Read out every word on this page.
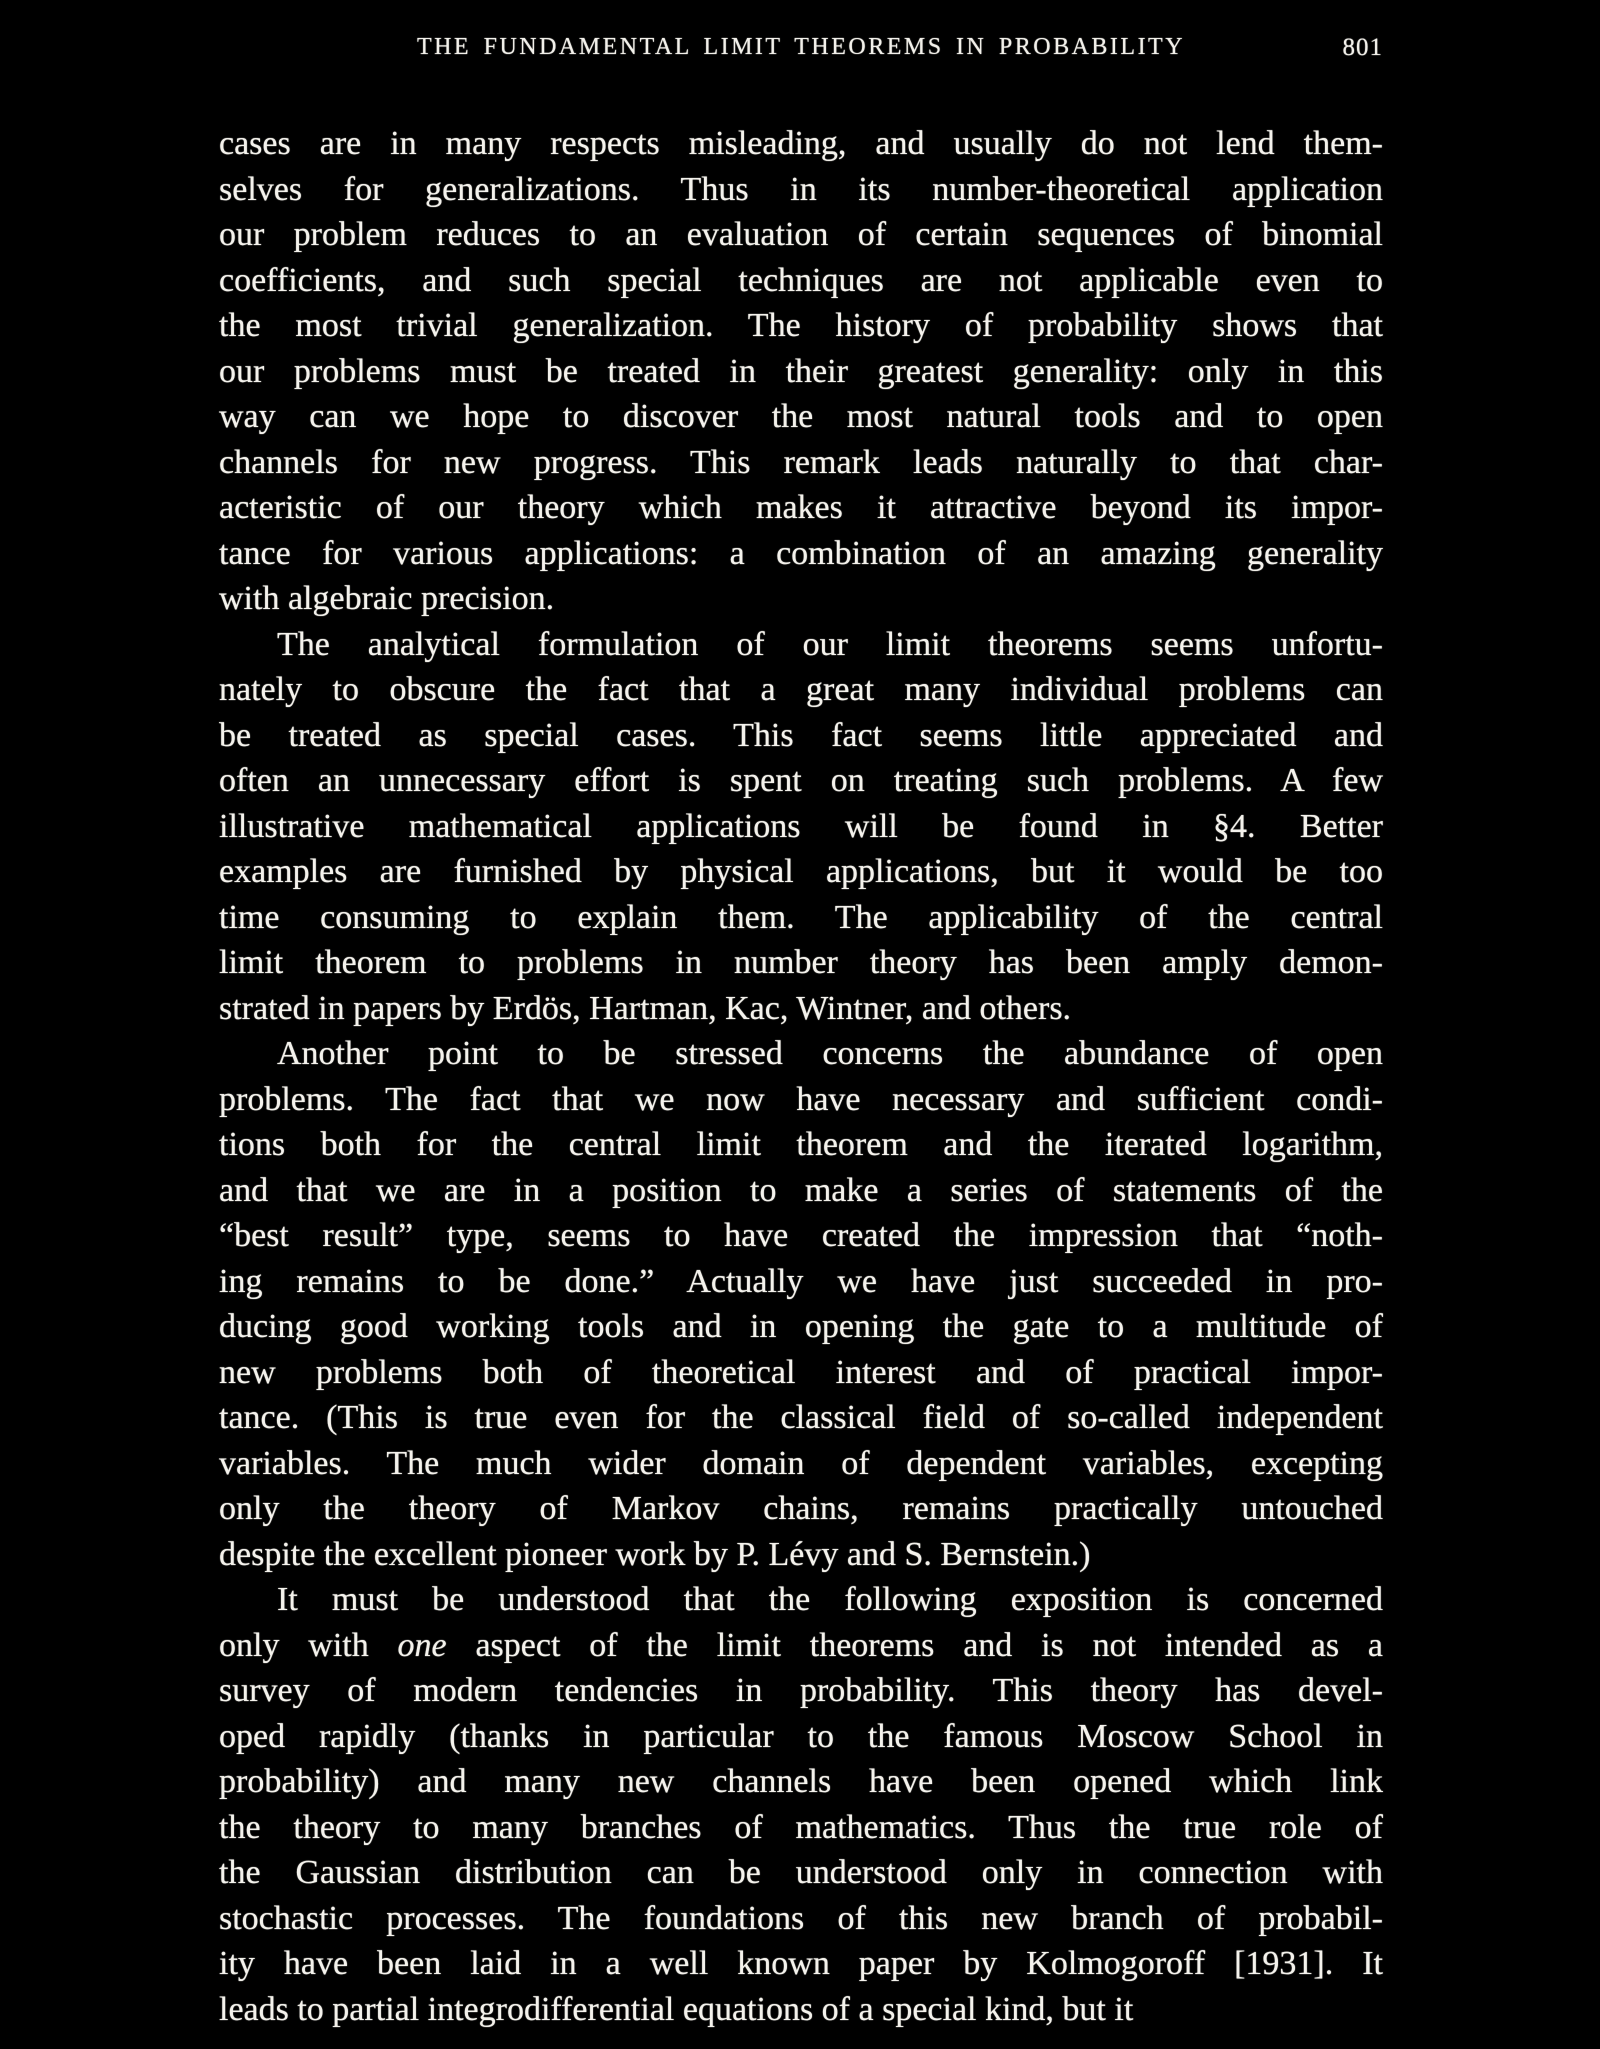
THE FUNDAMENTAL LIMIT THEOREMS IN PROBABILITY	801
cases are in many respects misleading, and usually do not lend them-
selves for generalizations. Thus in its number-theoretical application
our problem reduces to an evaluation of certain sequences of binomial
coefficients, and such special techniques are not applicable even to
the most trivial generalization. The history of probability shows that
our problems must be treated in their greatest generality: only in this
way can we hope to discover the most natural tools and to open
channels for new progress. This remark leads naturally to that char-
acteristic of our theory which makes it attractive beyond its impor-
tance for various applications: a combination of an amazing generality
with algebraic precision.
The analytical formulation of our limit theorems seems unfortu-
nately to obscure the fact that a great many individual problems can
be treated as special cases. This fact seems little appreciated and
often an unnecessary effort is spent on treating such problems. A few
illustrative mathematical applications will be found in §4. Better
examples are furnished by physical applications, but it would be too
time consuming to explain them. The applicability of the central
limit theorem to problems in number theory has been amply demon-
strated in papers by Erdös, Hartman, Kac, Wintner, and others.
Another point to be stressed concerns the abundance of open
problems. The fact that we now have necessary and sufficient condi-
tions both for the central limit theorem and the iterated logarithm,
and that we are in a position to make a series of statements of the
“best result” type, seems to have created the impression that “noth-
ing remains to be done.” Actually we have just succeeded in pro-
ducing good working tools and in opening the gate to a multitude of
new problems both of theoretical interest and of practical impor-
tance. (This is true even for the classical field of so-called independent
variables. The much wider domain of dependent variables, excepting
only the theory of Markov chains, remains practically untouched
despite the excellent pioneer work by P. Lévy and S. Bernstein.)
It must be understood that the following exposition is concerned
only with one aspect of the limit theorems and is not intended as a
survey of modern tendencies in probability. This theory has devel-
oped rapidly (thanks in particular to the famous Moscow School in
probability) and many new channels have been opened which link
the theory to many branches of mathematics. Thus the true role of
the Gaussian distribution can be understood only in connection with
stochastic processes. The foundations of this new branch of probabil-
ity have been laid in a well known paper by Kolmogoroff [1931]. It
leads to partial integrodifferential equations of a special kind, but it
